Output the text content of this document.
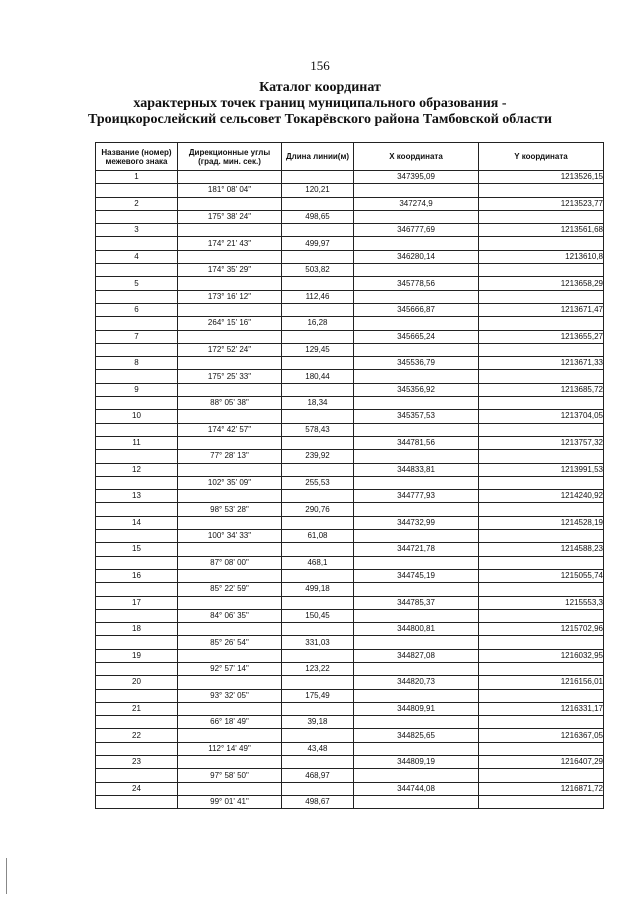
156
Каталог координат
характерных точек границ муниципального образования -
Троицкорослейский сельсовет Токарёвского района Тамбовской области
Название (номер) межевого знака	Дирекционные углы (град. мин. сек.)	Длина линии(м)	X координата	Y координата
1			347395,09	1213526,15
	181° 08' 04"	120,21		
2			347274,9	1213523,77
	175° 38' 24"	498,65		
3			346777,69	1213561,68
	174° 21' 43"	499,97		
4			346280,14	1213610,8
	174° 35' 29"	503,82		
5			345778,56	1213658,29
	173° 16' 12"	112,46		
6			345666,87	1213671,47
	264° 15' 16"	16,28		
7			345665,24	1213655,27
	172° 52' 24"	129,45		
8			345536,79	1213671,33
	175° 25' 33"	180,44		
9			345356,92	1213685,72
	88° 05' 38"	18,34		
10			345357,53	1213704,05
	174° 42' 57"	578,43		
11			344781,56	1213757,32
	77° 28' 13"	239,92		
12			344833,81	1213991,53
	102° 35' 09"	255,53		
13			344777,93	1214240,92
	98° 53' 28"	290,76		
14			344732,99	1214528,19
	100° 34' 33"	61,08		
15			344721,78	1214588,23
	87° 08' 00"	468,1		
16			344745,19	1215055,74
	85° 22' 59"	499,18		
17			344785,37	1215553,3
	84° 06' 35"	150,45		
18			344800,81	1215702,96
	85° 26' 54"	331,03		
19			344827,08	1216032,95
	92° 57' 14"	123,22		
20			344820,73	1216156,01
	93° 32' 05"	175,49		
21			344809,91	1216331,17
	66° 18' 49"	39,18		
22			344825,65	1216367,05
	112° 14' 49"	43,48		
23			344809,19	1216407,29
	97° 58' 50"	468,97		
24			344744,08	1216871,72
	99° 01' 41"	498,67		
